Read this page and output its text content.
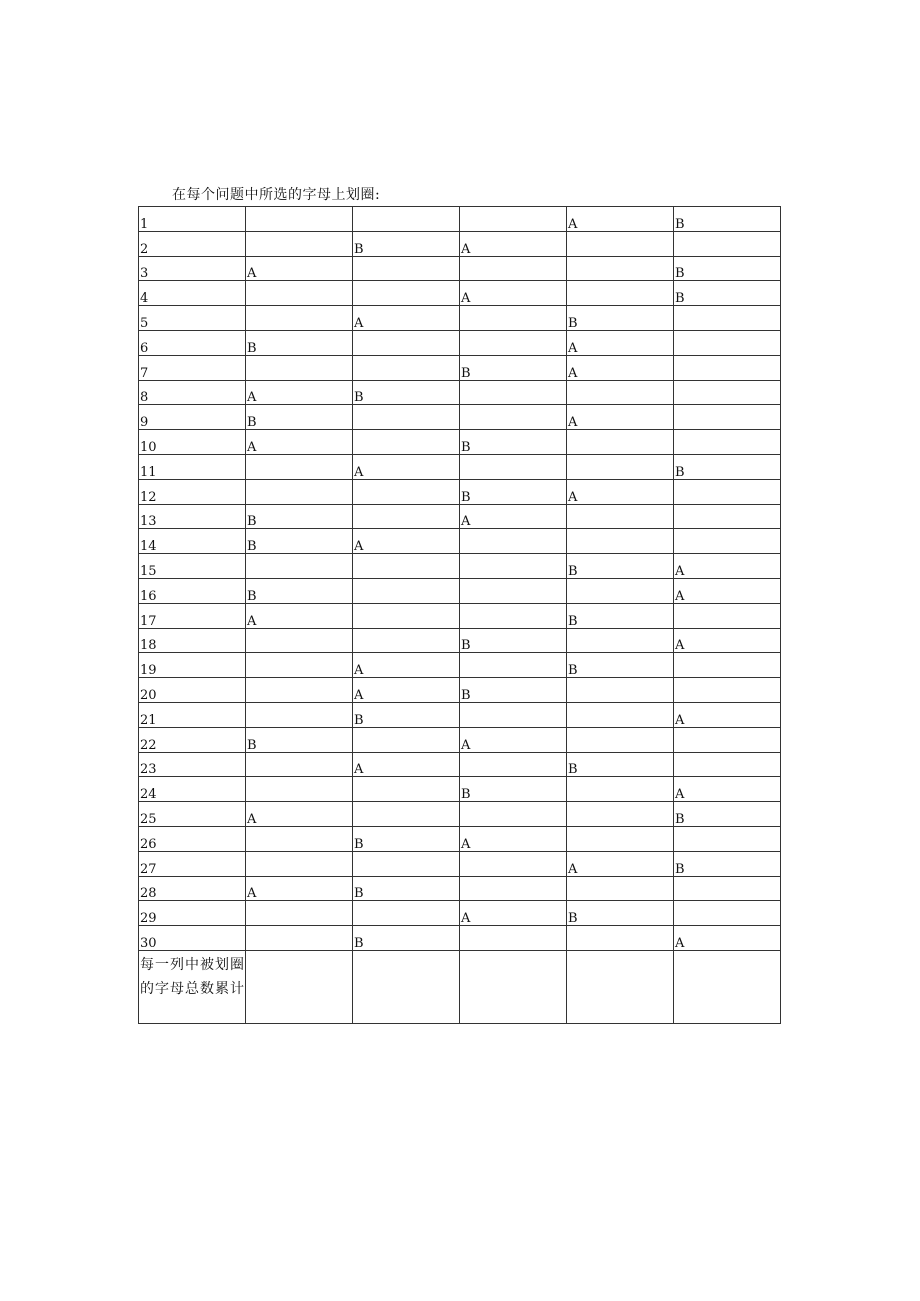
在每个问题中所选的字母上划圈:
1				A	B
2		B	A		
3	A				B
4			A		B
5		A		B	
6	B			A	
7			B	A	
8	A	B			
9	B			A	
10	A		B		
11		A			B
12			B	A	
13	B		A		
14	B	A			
15				B	A
16	B				A
17	A			B	
18			B		A
19		A		B	
20		A	B		
21		B			A
22	B		A		
23		A		B	
24			B		A
25	A				B
26		B	A		
27				A	B
28	A	B			
29			A	B	
30		B			A

每一列中被划圈的字母总数累计					
